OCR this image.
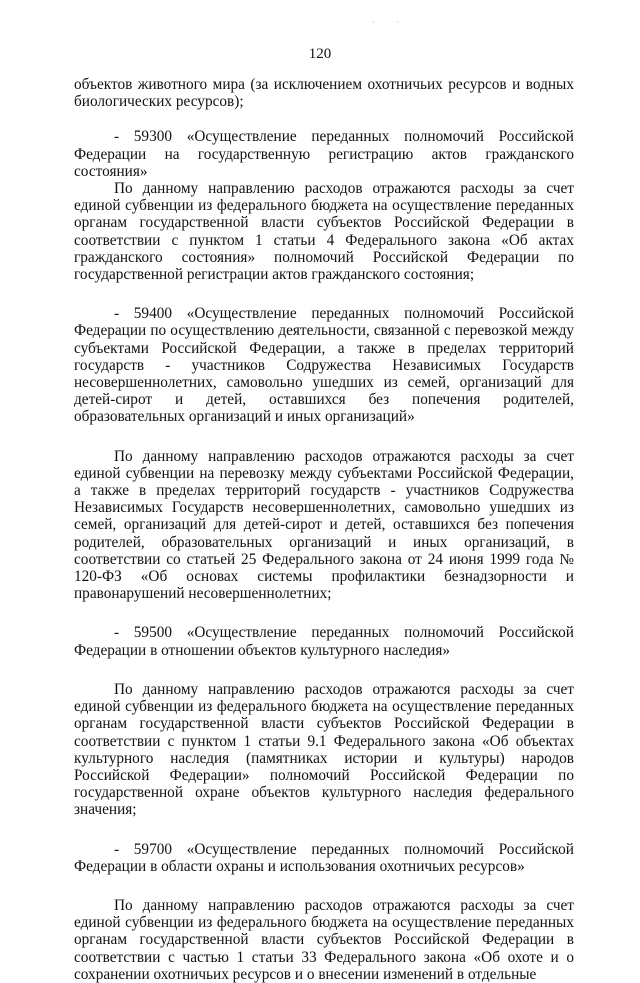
· ·
120

объектов животного мира (за исключением охотничьих ресурсов и водных биологических ресурсов);

- 59300 «Осуществление переданных полномочий Российской Федерации на государственную регистрацию актов гражданского состояния»

По данному направлению расходов отражаются расходы за счет единой субвенции из федерального бюджета на осуществление переданных органам государственной власти субъектов Российской Федерации в соответствии с пунктом 1 статьи 4 Федерального закона «Об актах гражданского состояния» полномочий Российской Федерации по государственной регистрации актов гражданского состояния;

- 59400 «Осуществление переданных полномочий Российской Федерации по осуществлению деятельности, связанной с перевозкой между субъектами Российской Федерации, а также в пределах территорий государств - участников Содружества Независимых Государств несовершеннолетних, самовольно ушедших из семей, организаций для детей-сирот и детей, оставшихся без попечения родителей, образовательных организаций и иных организаций»

По данному направлению расходов отражаются расходы за счет единой субвенции на перевозку между субъектами Российской Федерации, а также в пределах территорий государств - участников Содружества Независимых Государств несовершеннолетних, самовольно ушедших из семей, организаций для детей-сирот и детей, оставшихся без попечения родителей, образовательных организаций и иных организаций, в соответствии со статьей 25 Федерального закона от 24 июня 1999 года № 120-ФЗ «Об основах системы профилактики безнадзорности и правонарушений несовершеннолетних;

- 59500 «Осуществление переданных полномочий Российской Федерации в отношении объектов культурного наследия»

По данному направлению расходов отражаются расходы за счет единой субвенции из федерального бюджета на осуществление переданных органам государственной власти субъектов Российской Федерации в соответствии с пунктом 1 статьи 9.1 Федерального закона «Об объектах культурного наследия (памятниках истории и культуры) народов Российской Федерации» полномочий Российской Федерации по государственной охране объектов культурного наследия федерального значения;

- 59700 «Осуществление переданных полномочий Российской Федерации в области охраны и использования охотничьих ресурсов»

По данному направлению расходов отражаются расходы за счет единой субвенции из федерального бюджета на осуществление переданных органам государственной власти субъектов Российской Федерации в соответствии с частью 1 статьи 33 Федерального закона «Об охоте и о сохранении охотничьих ресурсов и о внесении изменений в отдельные
